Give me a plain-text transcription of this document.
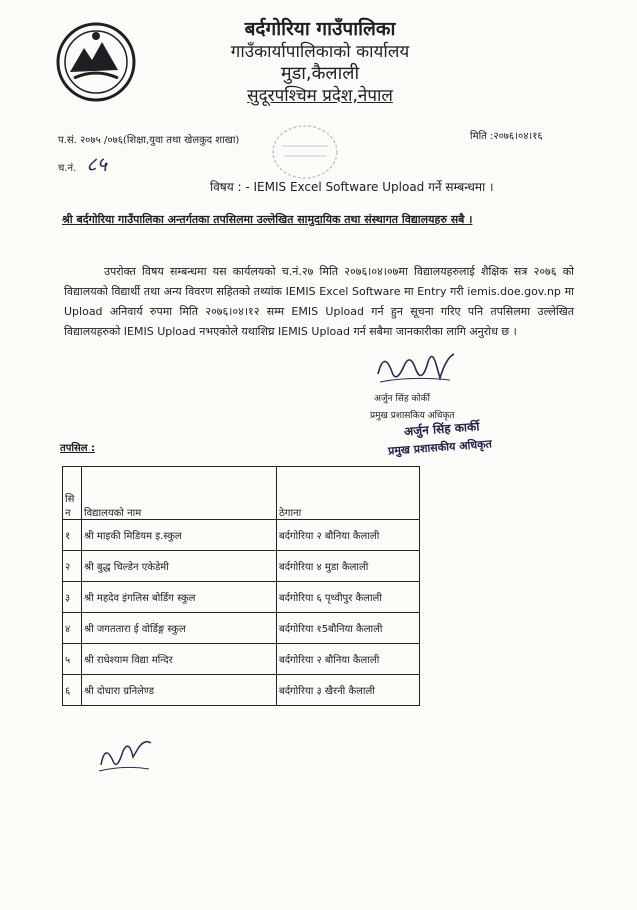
बर्दगोरिया गाउँपालिका
गाउँकार्यापालिकाको कार्यालय
मुडा,कैलाली
सुदूरपश्चिम प्रदेश,नेपाल
प.सं. २०७५ /०७६(शिक्षा,युवा तथा खेलकुद शाखा)
च.नं. ८५
मिति :२०७६।०४।१६
विषय : - IEMIS Excel Software Upload गर्ने सम्बन्धमा ।
श्री बर्दगोरिया गाउँपालिका अन्तर्गतका तपसिलमा उल्लेखित सामुदायिक तथा संस्थागत विद्यालयहरु सबै ।
उपरोक्त विषय सम्बन्धमा यस कार्यलयको च.नं.२७ मिति २०७६।०४।०७मा विद्यालयहरुलाई शैक्षिक सत्र २०७६ को विद्यालयको विद्यार्थी तथा अन्य विवरण सहितको तथ्यांक IEMIS Excel Software मा Entry गरी iemis.doe.gov.np मा Upload अनिवार्य रुपमा मिति २०७६।०४।१२ सम्म EMIS Upload गर्न हुन सूचना गरिए पनि तपसिलमा उल्लेखित विद्यालयहरुको IEMIS Upload नभएकोले यथाशिघ्र IEMIS Upload गर्न सबैमा जानकारीका लागि अनुरोध छ ।
अर्जुन सिंह कोर्की
प्रमुख प्रशासकिय अधिकृत
अर्जुन सिंह कार्की
प्रमुख प्रशासकीय अधिकृत
तपसिल :
सि
न	विद्यालयको नाम	ठेगाना
१	श्री माइकी मिडियम इ.स्कुल	बर्दगोरिया २ बौनिया कैलाली
२	श्री बुद्ध चिल्डेन एकेडेमी	बर्दगोरिया ४ मुडा कैलाली
३	श्री महदेव इंगलिस बोर्डिग स्कुल	बर्दगोरिया ६ पृथ्वीपुर कैलाली
४	श्री जगततारा ई वोर्डिङ्ग स्कुल	बर्दगोरिया १5बौनिया कैलाली
५	श्री राधेश्याम विद्या मन्दिर	बर्दगोरिया २ बौनिया कैलाली
६	श्री दोधारा ग्रनिलेण्ड	बर्दगोरिया ३ खैरनी कैलाली
